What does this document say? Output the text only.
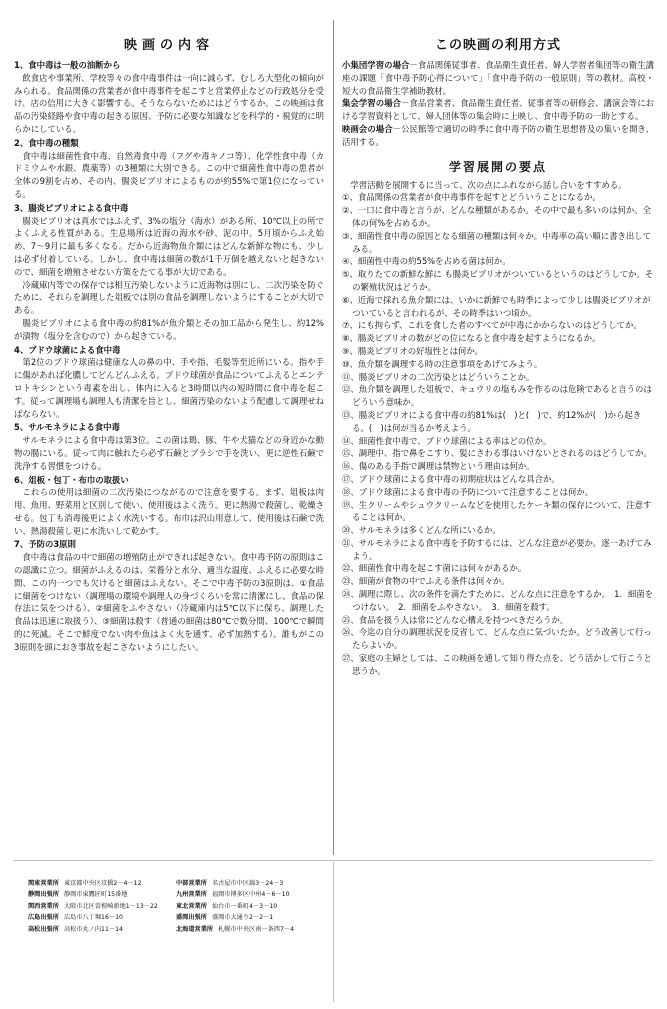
映画の内容
1、食中毒は一般の油断から

飲食店や事業所、学校等々の食中毒事件は一向に減らず、むしろ大型化の傾向がみられる。食品関係の営業者が食中毒事件を起こすと営業停止などの行政処分を受け、店の信用に大きく影響する。そうならないためにはどうするか。この映画は食品の汚染経路や食中毒の起きる原因、予防に必要な知識などを科学的・視覚的に明らかにしている。

2、食中毒の種類

食中毒は細菌性食中毒、自然毒食中毒（フグや毒キノコ等）、化学性食中毒（カドミウムや水銀、農薬等）の3種類に大別できる。この中で細菌性食中毒の患者が全体の9割を占め、その内、腸炎ビブリオによるものが約55%で第1位になっている。

3、腸炎ビブリオによる食中毒

腸炎ビブリオは真水ではふえず、3%の塩分（海水）がある所、10℃以上の所でよくふえる性質がある。生息場所は近海の海水や砂、泥の中。5月頃からふえ始め、7～9月に最も多くなる。だから近海物魚介類にはどんな新鮮な物にも、少しは必ず付着している。しかし、食中毒は細菌の数が1千万個を越えないと起きないので、細菌を増殖させない方策をたてる事が大切である。

冷蔵庫内等での保存では相互汚染しないように近海物は別にし、二次汚染を防ぐために、それらを調理した俎板では別の食品を調理しないようにすることが大切である。

腸炎ビブリオによる食中毒の約81%が魚介類とその加工品から発生し、約12%が漬物（塩分を含むので）から起きている。

4、ブドウ球菌による食中毒

第2位のブドウ球菌は健康な人の鼻の中、手や指、毛髪等至近所にいる。指や手に傷があれば化膿してどんどんふえる。ブドウ球菌が食品についてふえるとエンテロトキシンという毒素を出し、体内に入ると3時間以内の短時間に食中毒を起こす。従って調理場も調理人も清潔を旨とし、細菌汚染のないよう配慮して調理せねばならない。

5、サルモネラによる食中毒

サルモネラによる食中毒は第3位。この菌は鶏、豚、牛や犬猫などの身近かな動物の腸にいる。従って肉に触れたら必ず石鹸とブラシで手を洗い、更に逆性石鹸で洗浄する習慣をつける。

6、俎板・包丁・布巾の取扱い

これらの使用は細菌の二次汚染につながるので注意を要する。まず、俎板は肉用、魚用、野菜用と区別して使い、使用後はよく洗う。更に熱湯で殺菌し、乾燥させる。包丁も消毒後更によく水洗いする。布巾は沢山用意して、使用後は石鹸で洗い、熱湯殺菌し更に水洗いして乾かす。

7、予防の3原則

食中毒は食品の中で細菌の増殖防止ができれば起きない。食中毒予防の原則はこの認識に立つ。細菌がふえるのは、栄養分と水分、適当な温度、ふえるに必要な時間、この内一つでも欠けると細菌はふえない。そこで中毒予防の3原則は、①食品に細菌をつけない（調理場の環境や調理人の身づくろいを常に清潔にし、食品の保存法に気をつける）、②細菌をふやさない（冷蔵庫内は5℃以下に保ち、調理した食品は迅速に取扱う）、③細菌は殺す（普通の細菌は80℃で数分間、100℃で瞬間的に死滅。そこで鮮度でない肉や魚はよく火を通す、必ず加熱する）。誰もがこの3原則を頭におき事故を起こさないようにしたい。

この映画の利用方式

小集団学習の場合－食品関係従事者、食品衛生責任者、婦人学習者集団等の衛生講座の課題「食中毒予防心得について」「食中毒予防の一般原則」等の教材。高校・短大の食品衛生学補助教材。

集会学習の場合－食品営業者、食品衛生責任者、従事者等の研修会、講演会等における学習資料として、婦人団体等の集会時に上映し、食中毒予防の一助とする。

映画会の場合－公民館等で適切の時季に食中毒予防の衛生思想普及の集いを開き、活用する。

学習展開の要点

学習活動を展開するに当って、次の点にふれながら話し合いをすすめる。

①、食品関係の営業者が食中毒事件を起すとどういうことになるか。
②、一口に食中毒と言うが、どんな種類があるか。その中で最も多いのは何か。全体の何%を占めるか。
③、細菌性食中毒の原因となる細菌の種類は何々か。中毒率の高い順に書き出してみる。
④、細菌性中毒の約55%を占める菌は何か。
⑤、取りたての新鮮な鮮に も腸炎ビブリオがついているというのはどうしてか。その繁殖状況はどうか。
⑥、近海で採れる魚介類には、いかに新鮮でも時季によって少しは腸炎ビブリオがついていると言われるが、その時季はいつ頃か。
⑦、にも拘らず、これを食した者のすべてが中毒にかからないのはどうしてか。
⑧、腸炎ビブリオの数がどの位になると食中毒を起すようになるか。
⑨、腸炎ビブリオの好塩性とは何か。
⑩、魚介類を調理する時の注意事項をあげてみよう。
⑪、腸炎ビブリオの二次汚染とはどういうことか。
⑫、魚介類を調理した俎板で、キュウリの塩もみを作るのは危険であると言うのはどういう意味か。
⑬、腸炎ビブリオによる食中毒の約81%は(　)と(　)で、約12%が(　)から起きる。(　)は何が当るか考えよう。
⑭、細菌性食中毒で、ブドウ球菌による率はどの位か。
⑮、調理中、指で鼻をこすり、髪にさわる事はいけないとされるのはどうしてか。
⑯、傷のある手指で調理は禁物という理由は何か。
⑰、ブドウ球菌による食中毒の初期症状はどんな具合か。
⑱、ブドウ球菌による食中毒の予防について注意することは何か。
⑲、生クリームやシュウクリームなどを使用したケーキ類の保存について、注意することは何か。
⑳、サルモネラは多くどんな所にいるか。
㉑、サルモネラによる食中毒を予防するには、どんな注意が必要か。逐一あげてみよう。
㉒、細菌性食中毒を起こす菌には何々があるか。
㉓、細菌が食物の中でふえる条件は何々か。
㉔、調理に際し、次の条件を満たすために、どんな点に注意をするか。　1．細菌をつけない。　2．細菌をふやさない。　3．細菌を殺す。
㉕、食品を扱う人は常にどんな心構えを持つべきだろうか。
㉖、今迄の自分の調理状況を反省して、どんな点に気づいたか。どう改善して行ったらよいか。
㉗、家庭の主婦としては、この映画を通して知り得た点を、どう活かして行こうと思うか。
関東営業所 東京都中央区京橋2－4－12	中部営業所 名古屋市中区錦3－24－3
静岡出張所 静岡市東鷹匠町15番地	九州営業所 福岡市博多区中州4－6－10
関西営業所 大阪市北区曽根崎新地1－13－22	東北営業所 仙台市一番町4－3－10
広島出張所 広島市八丁堀16－10	盛岡出張所 盛岡市大通り2－2－1
高松出張所 高松市丸ノ内11－14	北海道営業所 札幌市中央区南一条西7－4
